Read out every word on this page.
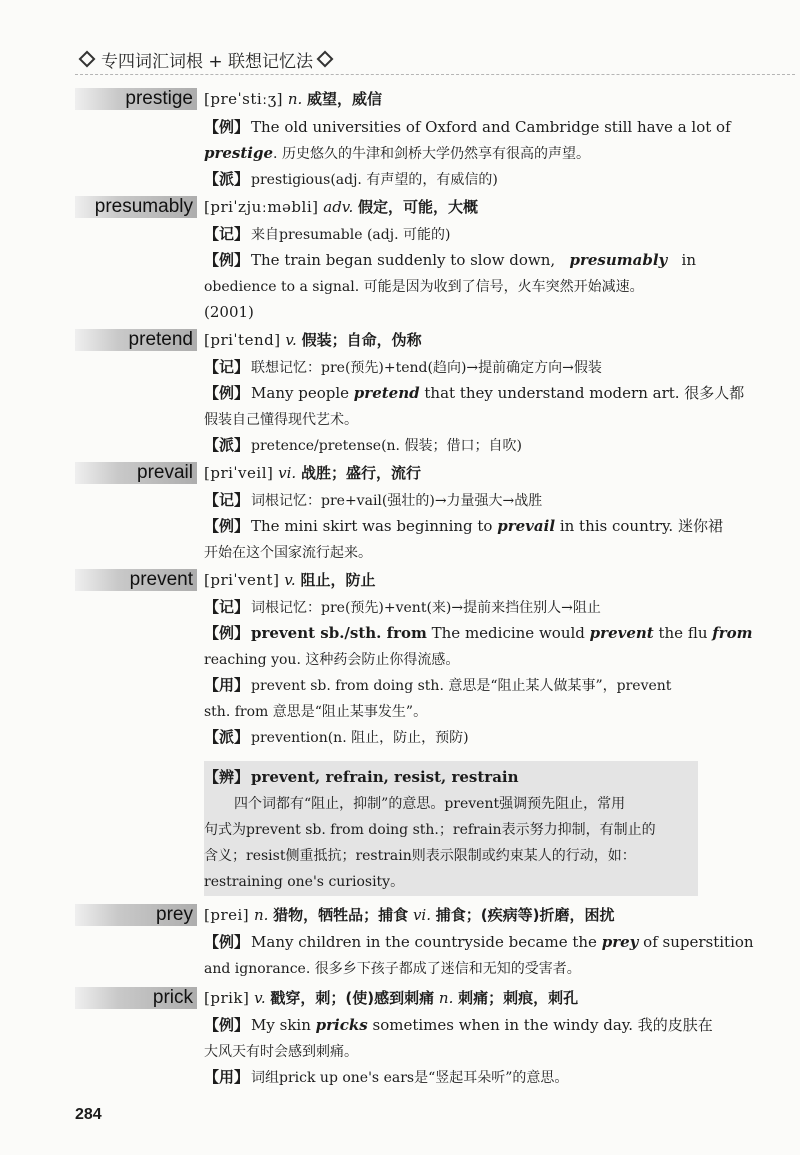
专四词汇词根 + 联想记忆法
prestige [preˈstiːʒ] n. 威望，威信
【例】 The old universities of Oxford and Cambridge still have a lot of
prestige. 历史悠久的牛津和剑桥大学仍然享有很高的声望。
【派】 prestigious(adj. 有声望的，有威信的)
presumably [priˈzjuːməbli] adv. 假定，可能，大概
【记】 来自presumable (adj. 可能的)
【例】 The train began suddenly to slow down, presumably in
obedience to a signal. 可能是因为收到了信号，火车突然开始减速。
(2001)
pretend [priˈtend] v. 假装；自命，伪称
【记】 联想记忆：pre(预先)+tend(趋向)→提前确定方向→假装
【例】 Many people pretend that they understand modern art. 很多人都
假装自己懂得现代艺术。
【派】 pretence/pretense(n. 假装；借口；自吹)
prevail [priˈveil] vi. 战胜；盛行，流行
【记】 词根记忆：pre+vail(强壮的)→力量强大→战胜
【例】 The mini skirt was beginning to prevail in this country. 迷你裙
开始在这个国家流行起来。
prevent [priˈvent] v. 阻止，防止
【记】 词根记忆：pre(预先)+vent(来)→提前来挡住别人→阻止
【例】 prevent sb./sth. from The medicine would prevent the flu from
reaching you. 这种药会防止你得流感。
【用】 prevent sb. from doing sth. 意思是“阻止某人做某事”，prevent
sth. from 意思是“阻止某事发生”。
【派】 prevention(n. 阻止，防止，预防)
【辨】 prevent, refrain, resist, restrain
四个词都有“阻止，抑制”的意思。prevent强调预先阻止，常用
句式为prevent sb. from doing sth.；refrain表示努力抑制，有制止的
含义；resist侧重抵抗；restrain则表示限制或约束某人的行动，如：
restraining one's curiosity。
prey [prei] n. 猎物，牺牲品；捕食 vi. 捕食；(疾病等)折磨，困扰
【例】 Many children in the countryside became the prey of superstition
and ignorance. 很多乡下孩子都成了迷信和无知的受害者。
prick [prik] v. 戳穿，刺；(使)感到刺痛 n. 刺痛；刺痕，刺孔
【例】 My skin pricks sometimes when in the windy day. 我的皮肤在
大风天有时会感到刺痛。
【用】 词组prick up one's ears是“竖起耳朵听”的意思。
284
